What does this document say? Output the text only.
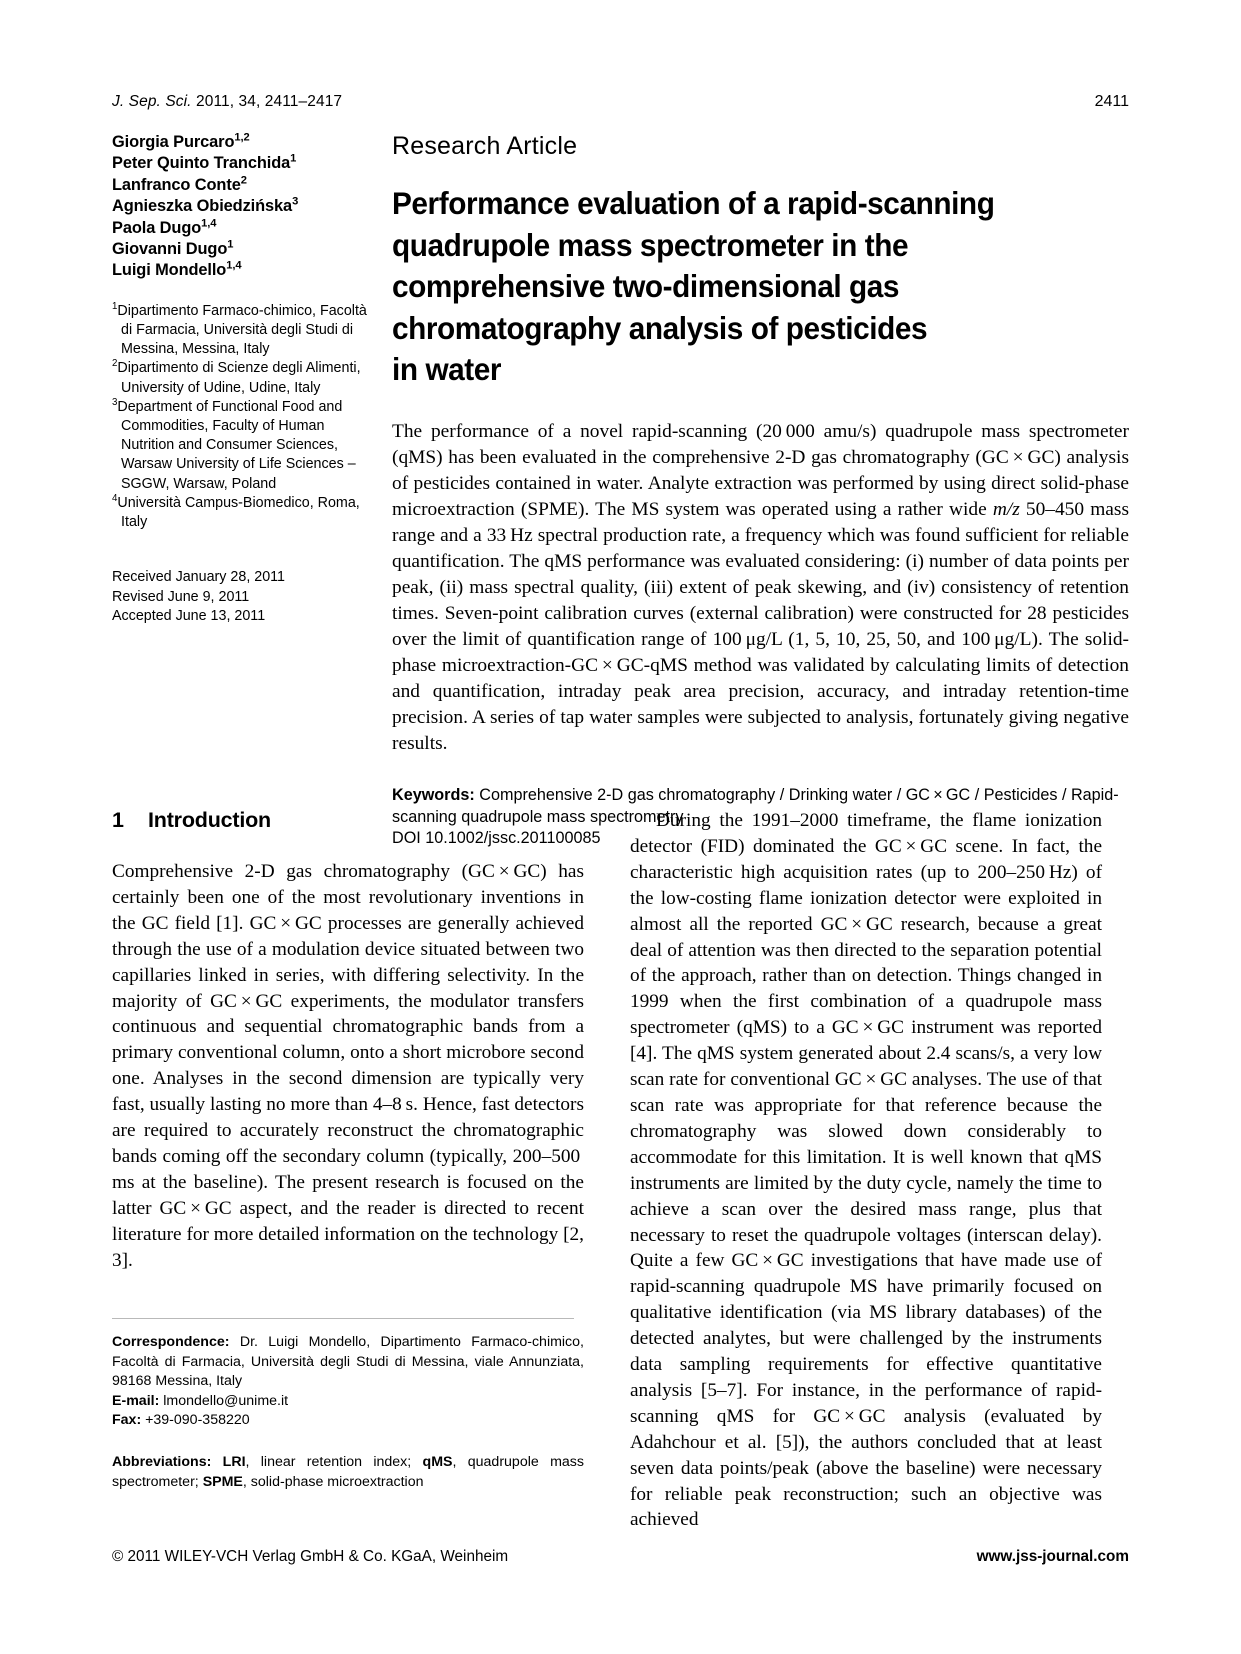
J. Sep. Sci. 2011, 34, 2411–2417	2411
Giorgia Purcaro$^{1,2}$
Peter Quinto Tranchida$^1$
Lanfranco Conte$^2$
Agnieszka Obiedzińska$^3$
Paola Dugo$^{1,4}$
Giovanni Dugo$^1$
Luigi Mondello$^{1,4}$

$^1$Dipartimento Farmaco-chimico, Facoltà di Farmacia, Università degli Studi di Messina, Messina, Italy

$^2$Dipartimento di Scienze degli Alimenti, University of Udine, Udine, Italy

$^3$Department of Functional Food and Commodities, Faculty of Human Nutrition and Consumer Sciences, Warsaw University of Life Sciences – SGGW, Warsaw, Poland

$^4$Università Campus-Biomedico, Roma, Italy

Received January 28, 2011
Revised June 9, 2011
Accepted June 13, 2011
Research Article
Performance evaluation of a rapid-scanning
quadrupole mass spectrometer in the
comprehensive two-dimensional gas
chromatography analysis of pesticides
in water

The performance of a novel rapid-scanning (20 000 amu/s) quadrupole mass spectrometer (qMS) has been evaluated in the comprehensive 2-D gas chromatography (GC × GC) analysis of pesticides contained in water. Analyte extraction was performed by using direct solid-phase microextraction (SPME). The MS system was operated using a rather wide m/z 50–450 mass range and a 33 Hz spectral production rate, a frequency which was found sufficient for reliable quantification. The qMS performance was evaluated considering: (i) number of data points per peak, (ii) mass spectral quality, (iii) extent of peak skewing, and (iv) consistency of retention times. Seven-point calibration curves (external calibration) were constructed for 28 pesticides over the limit of quantification range of 100 μg/L (1, 5, 10, 25, 50, and 100 μg/L). The solid-phase microextraction-GC × GC-qMS method was validated by calculating limits of detection and quantification, intraday peak area precision, accuracy, and intraday retention-time precision. A series of tap water samples were subjected to analysis, fortunately giving negative results.

Keywords: Comprehensive 2-D gas chromatography / Drinking water / GC × GC / Pesticides / Rapid-scanning quadrupole mass spectrometry
DOI 10.1002/jssc.201100085
1 Introduction

Comprehensive 2-D gas chromatography (GC × GC) has certainly been one of the most revolutionary inventions in the GC field [1]. GC × GC processes are generally achieved through the use of a modulation device situated between two capillaries linked in series, with differing selectivity. In the majority of GC × GC experiments, the modulator transfers continuous and sequential chromatographic bands from a primary conventional column, onto a short microbore second one. Analyses in the second dimension are typically very fast, usually lasting no more than 4–8 s. Hence, fast detectors are required to accurately reconstruct the chromatographic bands coming off the secondary column (typically, 200–500 ms at the baseline). The present research is focused on the latter GC × GC aspect, and the reader is directed to recent literature for more detailed information on the technology [2, 3].

During the 1991–2000 timeframe, the flame ionization detector (FID) dominated the GC × GC scene. In fact, the characteristic high acquisition rates (up to 200–250 Hz) of the low-costing flame ionization detector were exploited in almost all the reported GC × GC research, because a great deal of attention was then directed to the separation potential of the approach, rather than on detection. Things changed in 1999 when the first combination of a quadrupole mass spectrometer (qMS) to a GC × GC instrument was reported [4]. The qMS system generated about 2.4 scans/s, a very low scan rate for conventional GC × GC analyses. The use of that scan rate was appropriate for that reference because the chromatography was slowed down considerably to accommodate for this limitation. It is well known that qMS instruments are limited by the duty cycle, namely the time to achieve a scan over the desired mass range, plus that necessary to reset the quadrupole voltages (interscan delay). Quite a few GC × GC investigations that have made use of rapid-scanning quadrupole MS have primarily focused on qualitative identification (via MS library databases) of the detected analytes, but were challenged by the instruments data sampling requirements for effective quantitative analysis [5–7]. For instance, in the performance of rapid-scanning qMS for GC × GC analysis (evaluated by Adahchour et al. [5]), the authors concluded that at least seven data points/peak (above the baseline) were necessary for reliable peak reconstruction; such an objective was achieved

Correspondence: Dr. Luigi Mondello, Dipartimento Farmaco-chimico, Facoltà di Farmacia, Università degli Studi di Messina, viale Annunziata, 98168 Messina, Italy

E-mail: lmondello@unime.it

Fax: +39-090-358220

Abbreviations: LRI, linear retention index; qMS, quadrupole mass spectrometer; SPME, solid-phase microextraction

© 2011 WILEY-VCH Verlag GmbH & Co. KGaA, Weinheim	www.jss-journal.com
